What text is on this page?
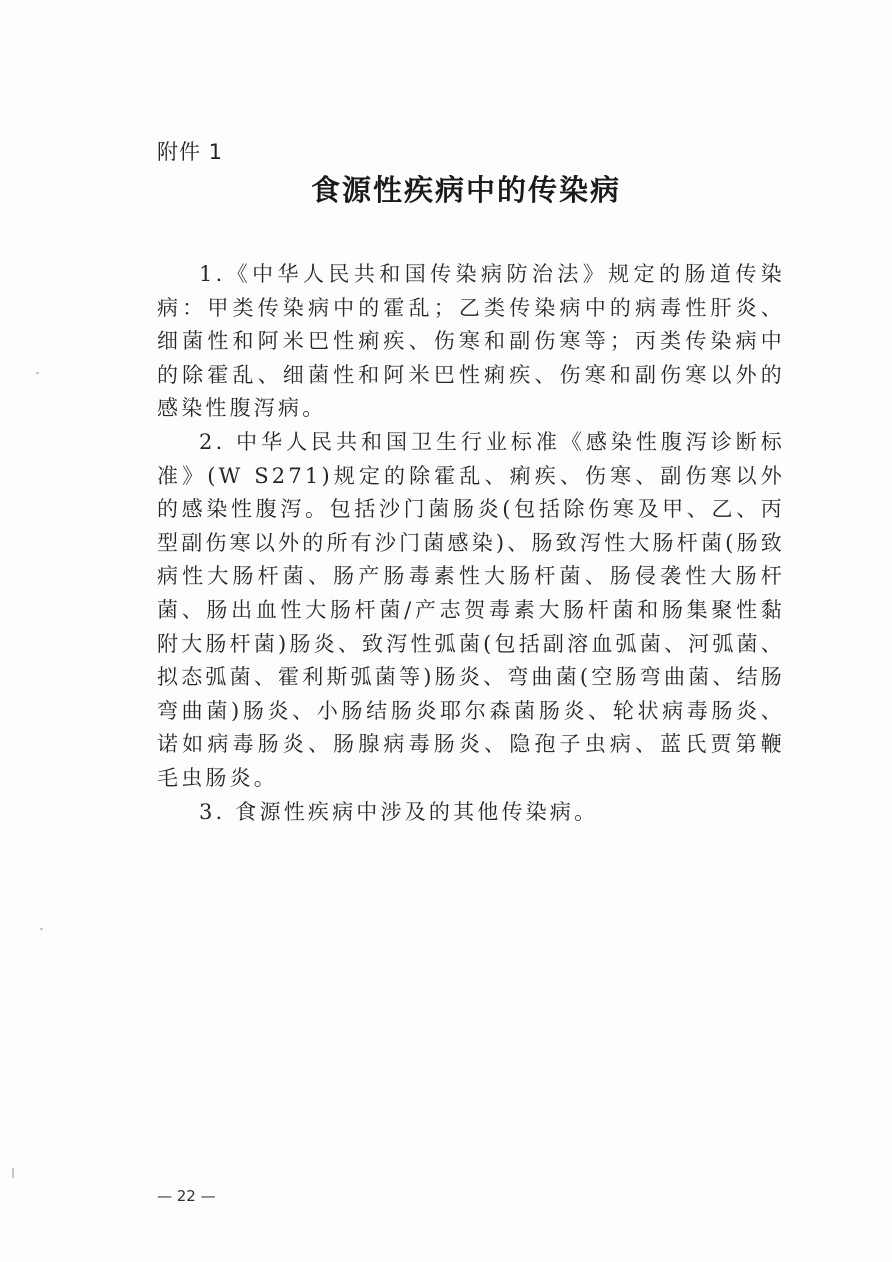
附件 1
食源性疾病中的传染病

1.《中华人民共和国传染病防治法》规定的肠道传染病：甲类传染病中的霍乱；乙类传染病中的病毒性肝炎、细菌性和阿米巴性痢疾、伤寒和副伤寒等；丙类传染病中的除霍乱、细菌性和阿米巴性痢疾、伤寒和副伤寒以外的感染性腹泻病。

2. 中华人民共和国卫生行业标准《感染性腹泻诊断标准》(W S271)规定的除霍乱、痢疾、伤寒、副伤寒以外的感染性腹泻。包括沙门菌肠炎(包括除伤寒及甲、乙、丙型副伤寒以外的所有沙门菌感染)、肠致泻性大肠杆菌(肠致病性大肠杆菌、肠产肠毒素性大肠杆菌、肠侵袭性大肠杆菌、肠出血性大肠杆菌/产志贺毒素大肠杆菌和肠集聚性黏附大肠杆菌)肠炎、致泻性弧菌(包括副溶血弧菌、河弧菌、拟态弧菌、霍利斯弧菌等)肠炎、弯曲菌(空肠弯曲菌、结肠弯曲菌)肠炎、小肠结肠炎耶尔森菌肠炎、轮状病毒肠炎、诺如病毒肠炎、肠腺病毒肠炎、隐孢子虫病、蓝氏贾第鞭毛虫肠炎。

3. 食源性疾病中涉及的其他传染病。

— 22 —
